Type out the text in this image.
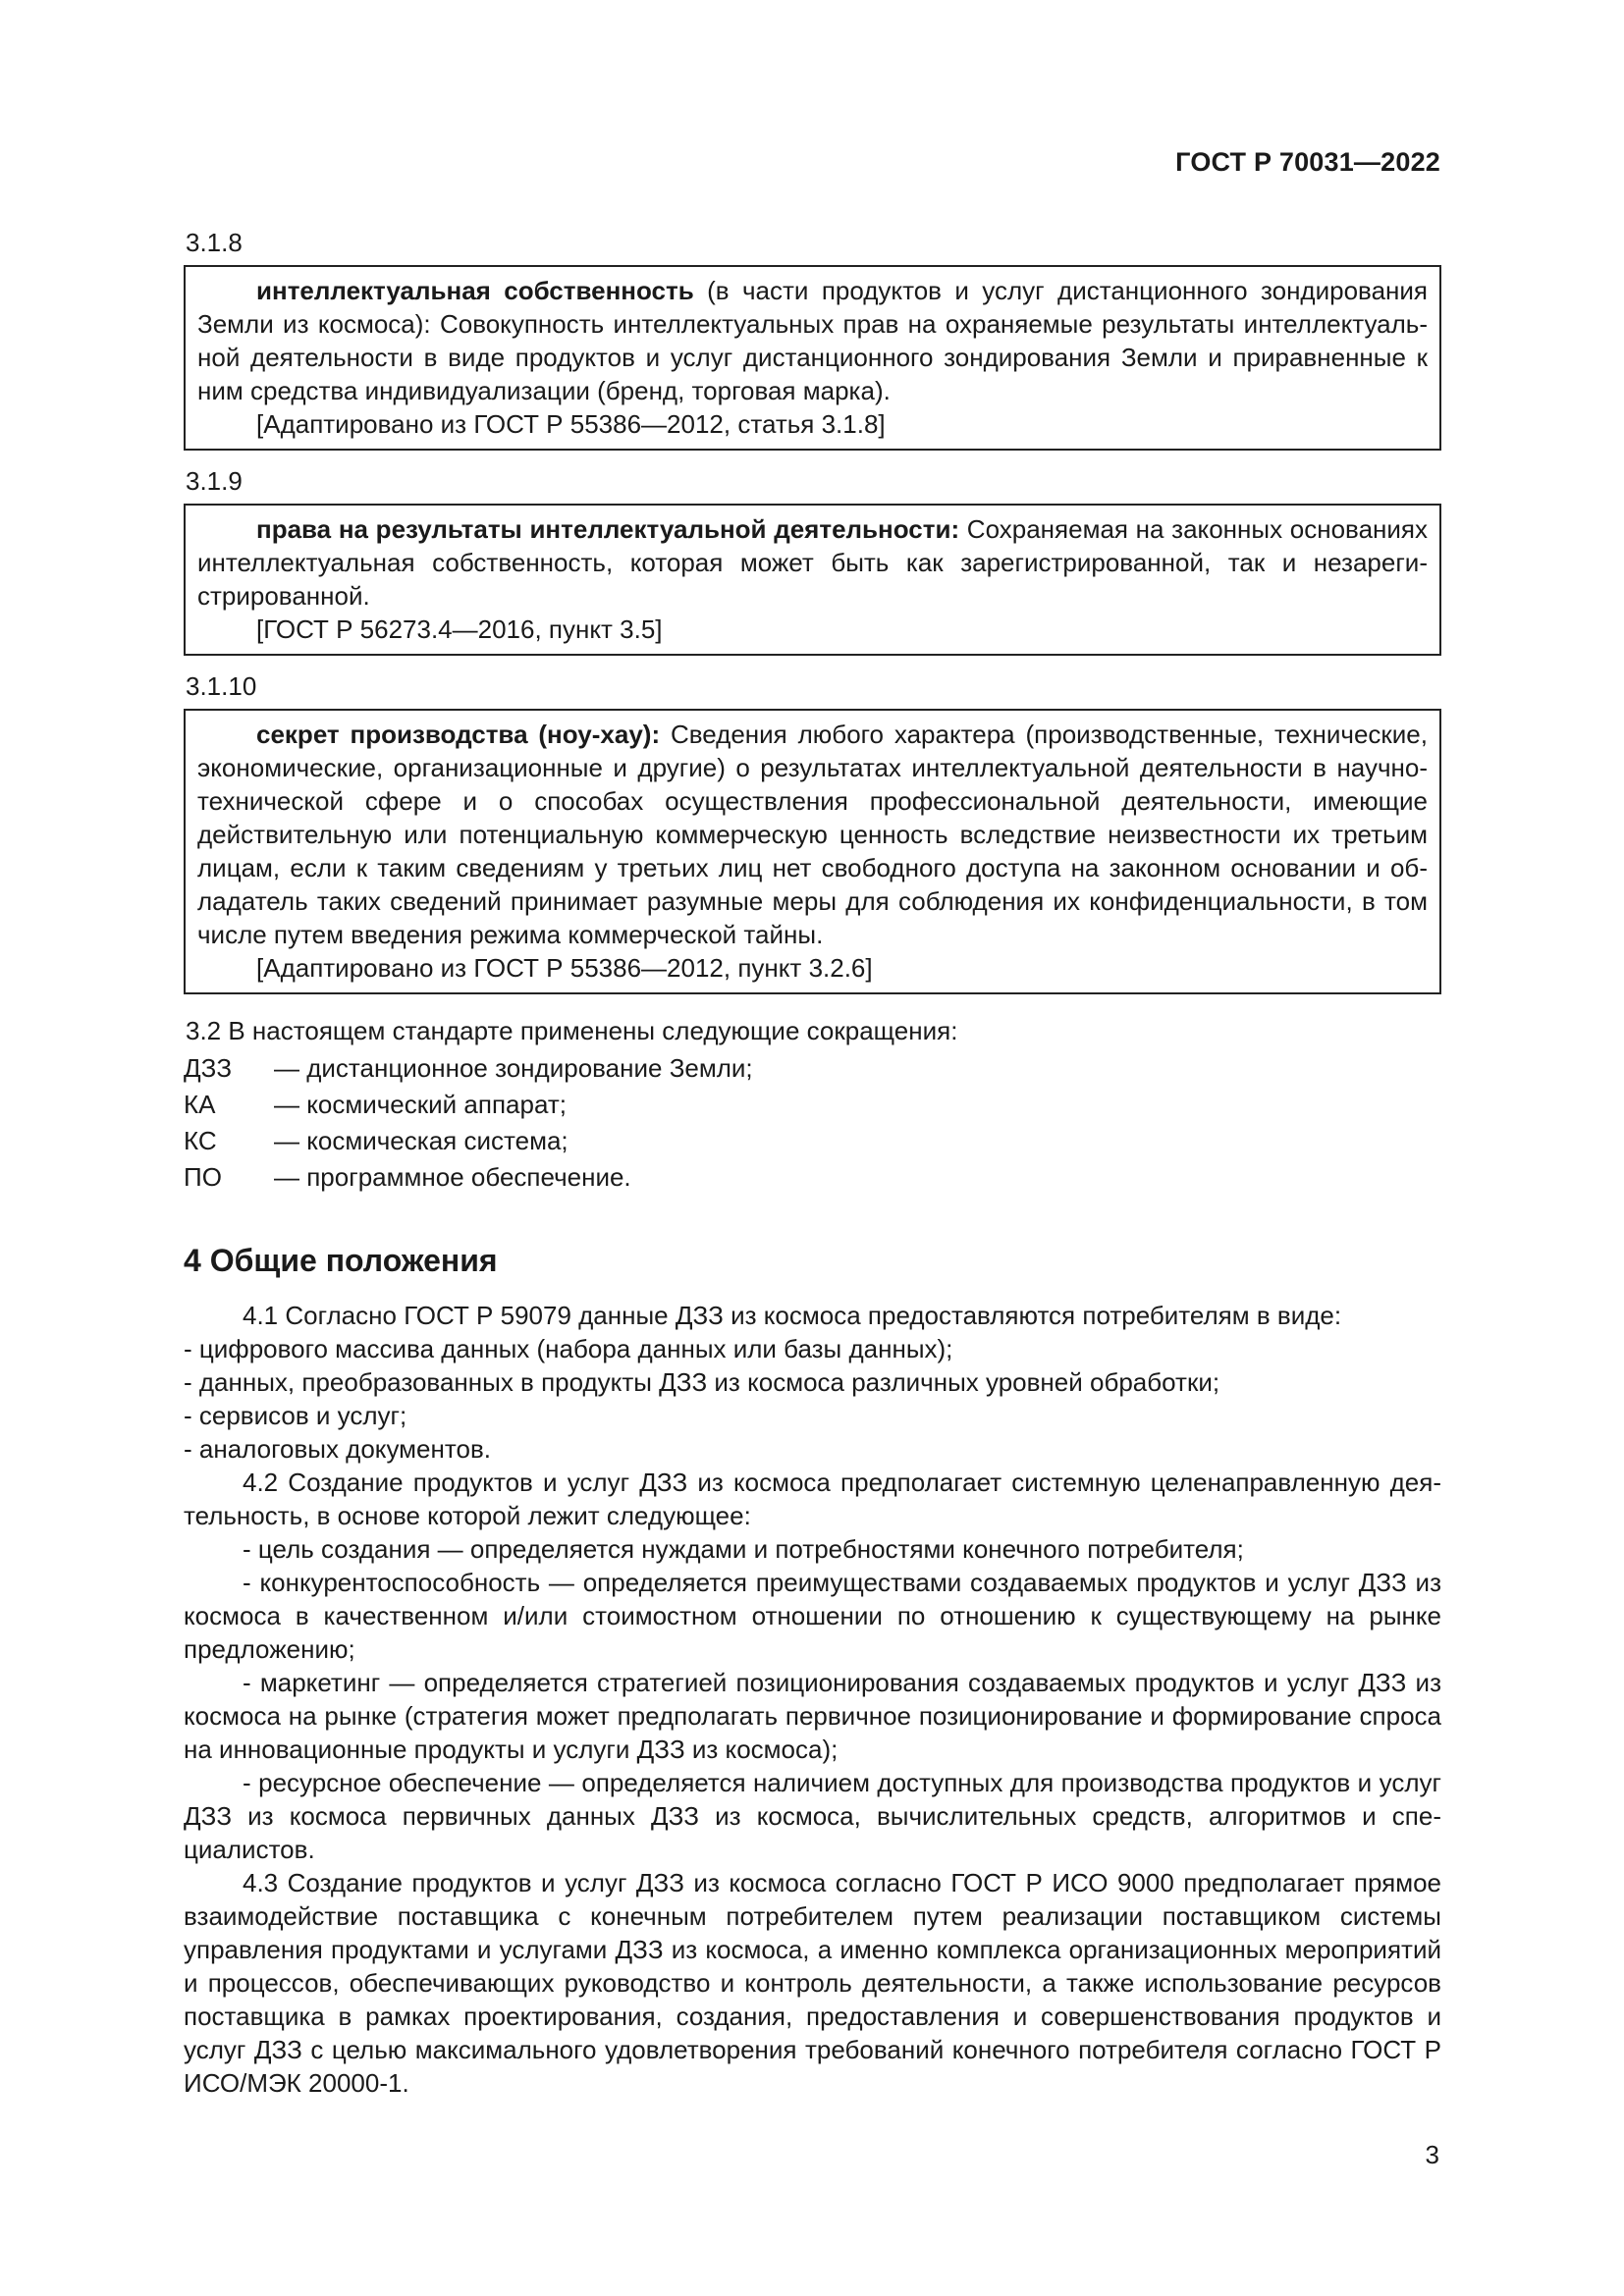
ГОСТ Р 70031—2022
3.1.8

интеллектуальная собственность (в части продуктов и услуг дистанционного зондирования Земли из космоса): Совокупность интеллектуальных прав на охраняемые результаты интеллектуальной деятельности в виде продуктов и услуг дистанционного зондирования Земли и приравненные к ним средства индивидуализации (бренд, торговая марка).

[Адаптировано из ГОСТ Р 55386—2012, статья 3.1.8]

3.1.9

права на результаты интеллектуальной деятельности: Сохраняемая на законных основаниях интеллектуальная собственность, которая может быть как зарегистрированной, так и незарегистрированной.

[ГОСТ Р 56273.4—2016, пункт 3.5]

3.1.10

секрет производства (ноу-хау): Сведения любого характера (производственные, технические, экономические, организационные и другие) о результатах интеллектуальной деятельности в научно-технической сфере и о способах осуществления профессиональной деятельности, имеющие действительную или потенциальную коммерческую ценность вследствие неизвестности их третьим лицам, если к таким сведениям у третьих лиц нет свободного доступа на законном основании и обладатель таких сведений принимает разумные меры для соблюдения их конфиденциальности, в том числе путем введения режима коммерческой тайны.

[Адаптировано из ГОСТ Р 55386—2012, пункт 3.2.6]

3.2 В настоящем стандарте применены следующие сокращения:

ДЗЗ	— дистанционное зондирование Земли;
КА	— космический аппарат;
КС	— космическая система;
ПО	— программное обеспечение.
4 Общие положения

4.1 Согласно ГОСТ Р 59079 данные ДЗЗ из космоса предоставляются потребителям в виде:

- цифрового массива данных (набора данных или базы данных);

- данных, преобразованных в продукты ДЗЗ из космоса различных уровней обработки;

- сервисов и услуг;

- аналоговых документов.

4.2 Создание продуктов и услуг ДЗЗ из космоса предполагает системную целенаправленную деятельность, в основе которой лежит следующее:

- цель создания — определяется нуждами и потребностями конечного потребителя;

- конкурентоспособность — определяется преимуществами создаваемых продуктов и услуг ДЗЗ из космоса в качественном и/или стоимостном отношении по отношению к существующему на рынке предложению;

- маркетинг — определяется стратегией позиционирования создаваемых продуктов и услуг ДЗЗ из космоса на рынке (стратегия может предполагать первичное позиционирование и формирование спроса на инновационные продукты и услуги ДЗЗ из космоса);

- ресурсное обеспечение — определяется наличием доступных для производства продуктов и услуг ДЗЗ из космоса первичных данных ДЗЗ из космоса, вычислительных средств, алгоритмов и специалистов.

4.3 Создание продуктов и услуг ДЗЗ из космоса согласно ГОСТ Р ИСО 9000 предполагает прямое взаимодействие поставщика с конечным потребителем путем реализации поставщиком системы управления продуктами и услугами ДЗЗ из космоса, а именно комплекса организационных мероприятий и процессов, обеспечивающих руководство и контроль деятельности, а также использование ресурсов поставщика в рамках проектирования, создания, предоставления и совершенствования продуктов и услуг ДЗЗ с целью максимального удовлетворения требований конечного потребителя согласно ГОСТ Р ИСО/МЭК 20000-1.

3
